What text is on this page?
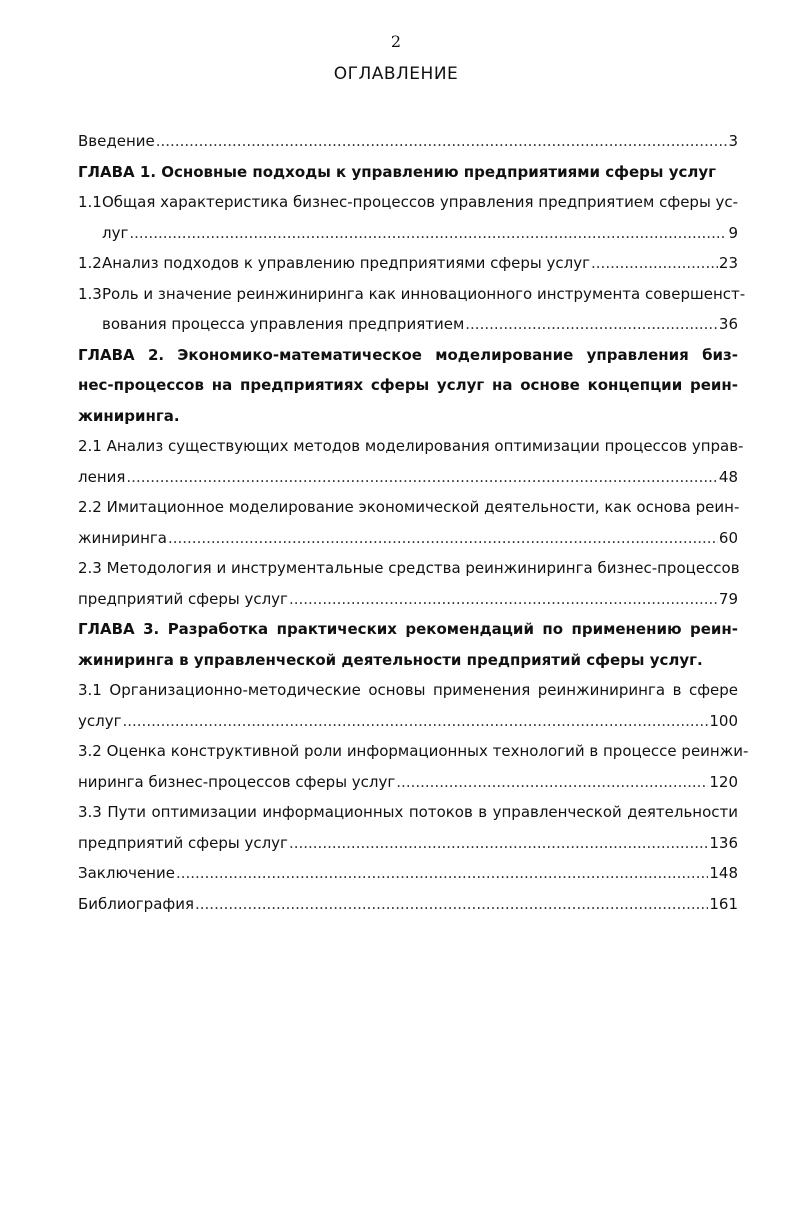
2
ОГЛАВЛЕНИЕ
Введение .....	3
ГЛАВА 1. Основные подходы к управлению предприятиями сферы услуг
1.1 Общая характеристика бизнес-процессов управления предприятием сферы ус-
луг .....	9
1.2 Анализ подходов к управлению предприятиями сферы услуг .....	23
1.3 Роль и значение реинжиниринга как инновационного инструмента совершенст-
вования процесса управления предприятием .....	36
ГЛАВА 2. Экономико-математическое моделирование управления биз-
нес-процессов на предприятиях сферы услуг на основе концепции реин-
жиниринга.
2.1 Анализ существующих методов моделирования оптимизации процессов управ-
ления .....	48
2.2 Имитационное моделирование экономической деятельности, как основа реин-
жиниринга .....	60
2.3 Методология и инструментальные средства реинжиниринга бизнес-процессов
предприятий сферы услуг .....	79
ГЛАВА 3. Разработка практических рекомендаций по применению реин-
жиниринга в управленческой деятельности предприятий сферы услуг.
3.1 Организационно-методические основы применения реинжиниринга в сфере
услуг .....	100
3.2 Оценка конструктивной роли информационных технологий в процессе реинжи-
ниринга бизнес-процессов сферы услуг .....	120
3.3 Пути оптимизации информационных потоков в управленческой деятельности
предприятий сферы услуг .....	136
Заключение .....	148
Библиография .....	161
